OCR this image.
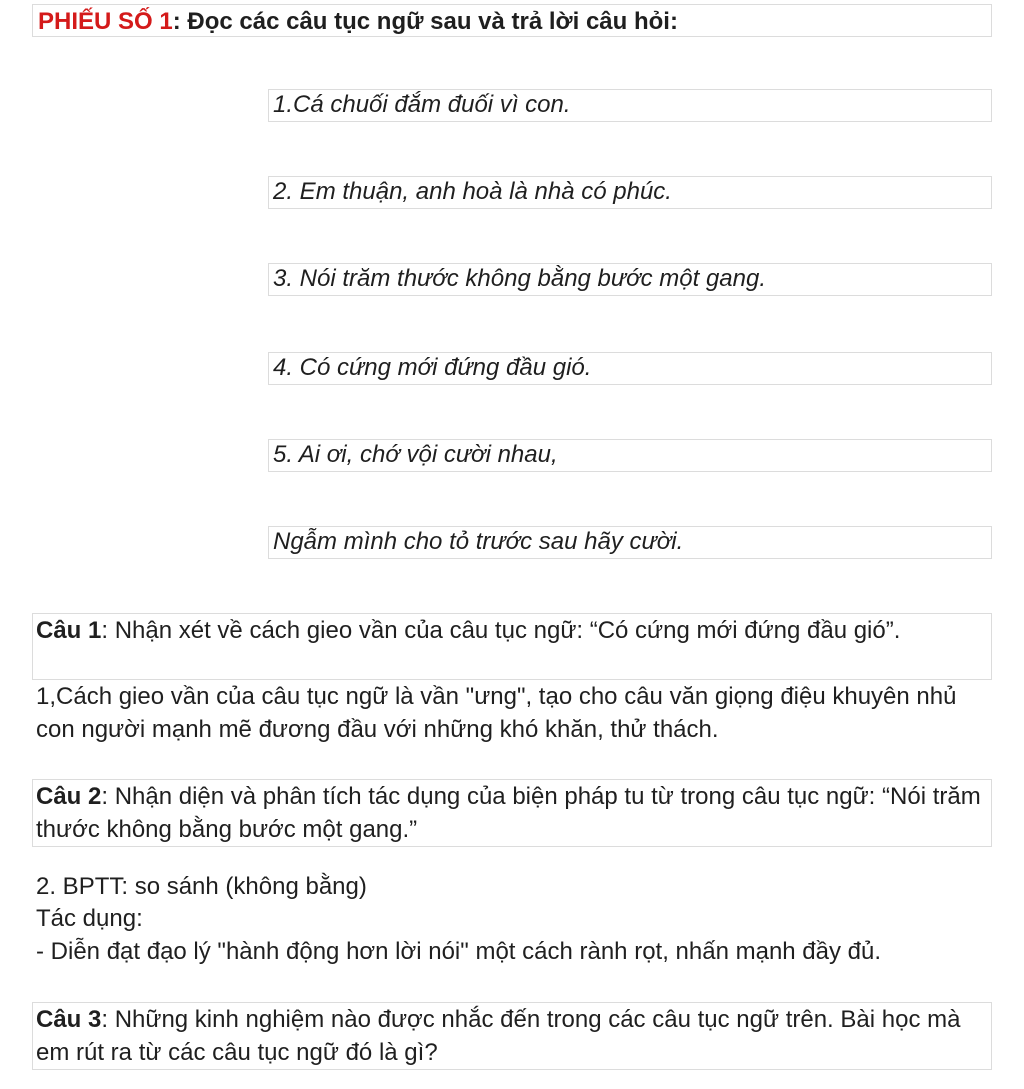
PHIẾU SỐ 1: Đọc các câu tục ngữ sau và trả lời câu hỏi:
1.Cá chuối đắm đuối vì con.
2. Em thuận, anh hoà là nhà có phúc.
3. Nói trăm thước không bằng bước một gang.
4. Có cứng mới đứng đầu gió.
5. Ai ơi, chớ vội cười nhau,
Ngẫm mình cho tỏ trước sau hãy cười.
Câu 1: Nhận xét về cách gieo vần của câu tục ngữ: “Có cứng mới đứng đầu gió”.
1,Cách gieo vần của câu tục ngữ là vần "ưng", tạo cho câu văn giọng điệu khuyên nhủ con người mạnh mẽ đương đầu với những khó khăn, thử thách.
Câu 2: Nhận diện và phân tích tác dụng của biện pháp tu từ trong câu tục ngữ: “Nói trăm thước không bằng bước một gang.”
2. BPTT: so sánh (không bằng)
Tác dụng:
- Diễn đạt đạo lý "hành động hơn lời nói" một cách rành rọt, nhấn mạnh đầy đủ.
Câu 3: Những kinh nghiệm nào được nhắc đến trong các câu tục ngữ trên. Bài học mà em rút ra từ các câu tục ngữ đó là gì?
